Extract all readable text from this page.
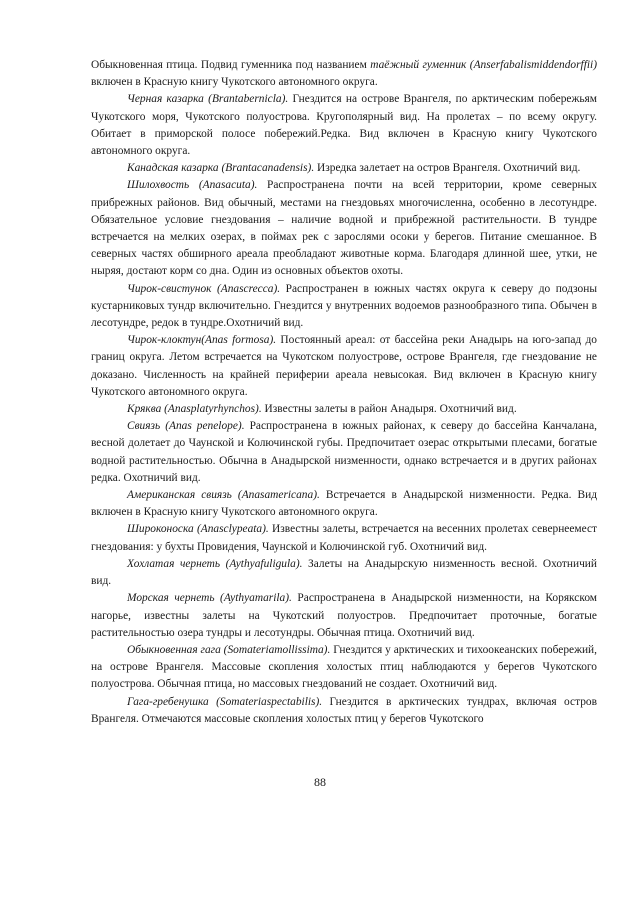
Обыкновенная птица. Подвид гуменника под названием таёжный гуменник (Anserfabalismiddendorffii) включен в Красную книгу Чукотского автономного округа.

Черная казарка (Brantabernicla). Гнездится на острове Врангеля, по арктическим побережьям Чукотского моря, Чукотского полуострова. Кругополярный вид. На пролетах – по всему округу. Обитает в приморской полосе побережий.Редка. Вид включен в Красную книгу Чукотского автономного округа.

Канадская казарка (Brantacanadensis). Изредка залетает на остров Врангеля. Охотничий вид.

Шилохвость (Anasacuta). Распространена почти на всей территории, кроме северных прибрежных районов. Вид обычный, местами на гнездовьях многочисленна, особенно в лесотундре. Обязательное условие гнездования – наличие водной и прибрежной растительности. В тундре встречается на мелких озерах, в поймах рек с зарослями осоки у берегов. Питание смешанное. В северных частях обширного ареала преобладают животные корма. Благодаря длинной шее, утки, не ныряя, достают корм со дна. Один из основных объектов охоты.

Чирок-свистунок (Anascrecca). Распространен в южных частях округа к северу до подзоны кустарниковых тундр включительно. Гнездится у внутренних водоемов разнообразного типа. Обычен в лесотундре, редок в тундре.Охотничий вид.

Чирок-клоктун(Anas formosa). Постоянный ареал: от бассейна реки Анадырь на юго-запад до границ округа. Летом встречается на Чукотском полуострове, острове Врангеля, где гнездование не доказано. Численность на крайней периферии ареала невысокая. Вид включен в Красную книгу Чукотского автономного округа.

Кряква (Anasplatyrhynchos). Известны залеты в район Анадыря. Охотничий вид.

Свиязь (Anas penelope). Распространена в южных районах, к северу до бассейна Канчалана, весной долетает до Чаунской и Колючинской губы. Предпочитает озерас открытыми плесами, богатые водной растительностью. Обычна в Анадырской низменности, однако встречается и в других районах редка. Охотничий вид.

Американская свиязь (Anasamericana). Встречается в Анадырской низменности. Редка. Вид включен в Красную книгу Чукотского автономного округа.

Широконоска (Anasclypeata). Известны залеты, встречается на весенних пролетах севернеемест гнездования: у бухты Провидения, Чаунской и Колючинской губ. Охотничий вид.

Хохлатая чернеть (Aythyafuligula). Залеты на Анадырскую низменность весной. Охотничий вид.

Морская чернеть (Aythyamarila). Распространена в Анадырской низменности, на Корякском нагорье, известны залеты на Чукотский полуостров. Предпочитает проточные, богатые растительностью озера тундры и лесотундры. Обычная птица. Охотничий вид.

Обыкновенная гага (Somateriamollissima). Гнездится у арктических и тихоокеанских побережий, на острове Врангеля. Массовые скопления холостых птиц наблюдаются у берегов Чукотского полуострова. Обычная птица, но массовых гнездований не создает. Охотничий вид.

Гага-гребенушка (Somateriaspectabilis). Гнездится в арктических тундрах, включая остров Врангеля. Отмечаются массовые скопления холостых птиц у берегов Чукотского

88
